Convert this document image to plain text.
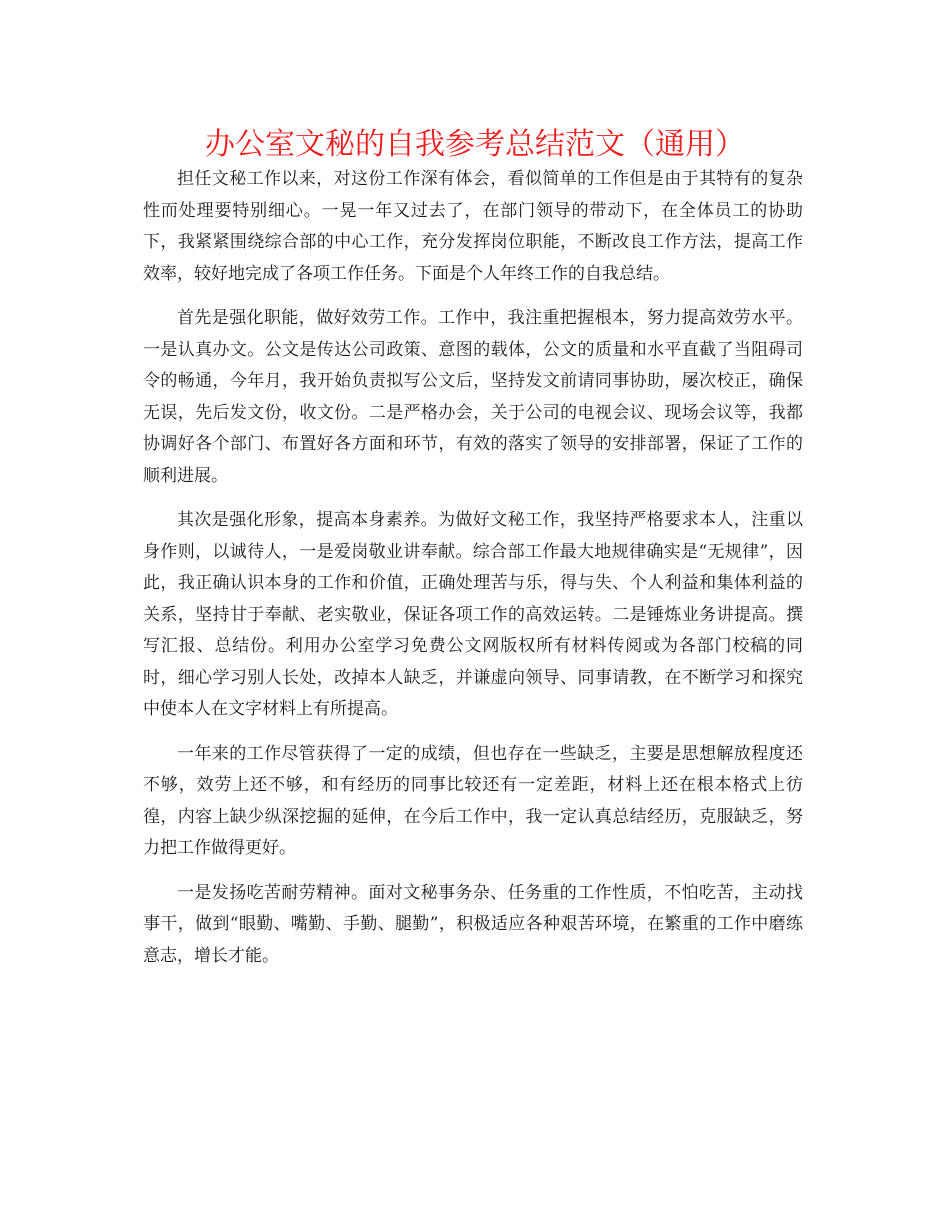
办公室文秘的自我参考总结范文（通用）

担任文秘工作以来，对这份工作深有体会，看似简单的工作但是由于其特有的复杂性而处理要特别细心。一晃一年又过去了，在部门领导的带动下，在全体员工的协助下，我紧紧围绕综合部的中心工作，充分发挥岗位职能，不断改良工作方法，提高工作效率，较好地完成了各项工作任务。下面是个人年终工作的自我总结。

首先是强化职能，做好效劳工作。工作中，我注重把握根本，努力提高效劳水平。一是认真办文。公文是传达公司政策、意图的载体，公文的质量和水平直截了当阻碍司令的畅通，今年月，我开始负责拟写公文后，坚持发文前请同事协助，屡次校正，确保无误，先后发文份，收文份。二是严格办会，关于公司的电视会议、现场会议等，我都协调好各个部门、布置好各方面和环节，有效的落实了领导的安排部署，保证了工作的顺利进展。

其次是强化形象，提高本身素养。为做好文秘工作，我坚持严格要求本人，注重以身作则，以诚待人，一是爱岗敬业讲奉献。综合部工作最大地规律确实是“无规律”，因此，我正确认识本身的工作和价值，正确处理苦与乐，得与失、个人利益和集体利益的关系，坚持甘于奉献、老实敬业，保证各项工作的高效运转。二是锤炼业务讲提高。撰写汇报、总结份。利用办公室学习免费公文网版权所有材料传阅或为各部门校稿的同时，细心学习别人长处，改掉本人缺乏，并谦虚向领导、同事请教，在不断学习和探究中使本人在文字材料上有所提高。

一年来的工作尽管获得了一定的成绩，但也存在一些缺乏，主要是思想解放程度还不够，效劳上还不够，和有经历的同事比较还有一定差距，材料上还在根本格式上彷徨，内容上缺少纵深挖掘的延伸，在今后工作中，我一定认真总结经历，克服缺乏，努力把工作做得更好。

一是发扬吃苦耐劳精神。面对文秘事务杂、任务重的工作性质，不怕吃苦，主动找事干，做到“眼勤、嘴勤、手勤、腿勤”，积极适应各种艰苦环境，在繁重的工作中磨练意志，增长才能。
